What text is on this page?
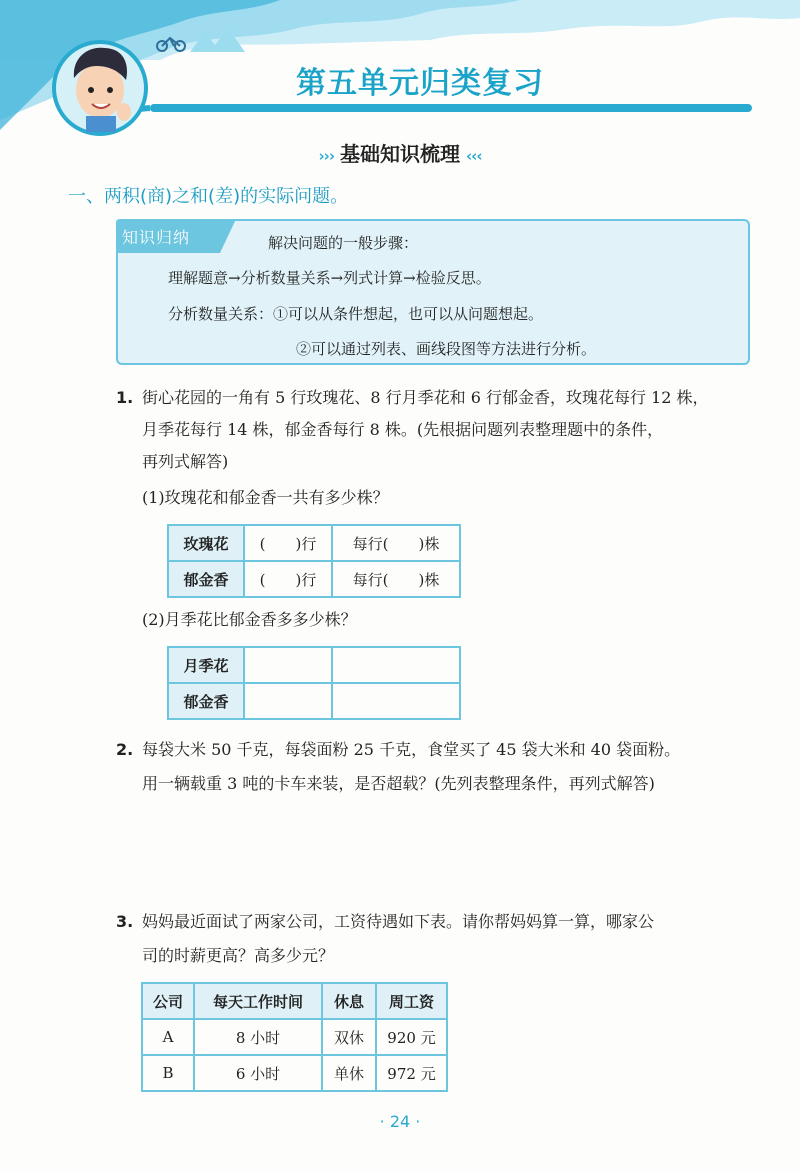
第五单元归类复习
››› 基础知识梳理 ‹‹‹
一、两积(商)之和(差)的实际问题。
知识归纳	解决问题的一般步骤：
理解题意→分析数量关系→列式计算→检验反思。
分析数量关系：①可以从条件想起，也可以从问题想起。
②可以通过列表、画线段图等方法进行分析。
1. 街心花园的一角有 5 行玫瑰花、8 行月季花和 6 行郁金香，玫瑰花每行 12 株，
月季花每行 14 株，郁金香每行 8 株。(先根据问题列表整理题中的条件，
再列式解答)
(1)玫瑰花和郁金香一共有多少株？
玫瑰花	(　　)行	每行(　　)株
郁金香	(　　)行	每行(　　)株
(2)月季花比郁金香多多少株？
月季花		
郁金香		
2. 每袋大米 50 千克，每袋面粉 25 千克，食堂买了 45 袋大米和 40 袋面粉。
用一辆载重 3 吨的卡车来装，是否超载？(先列表整理条件，再列式解答)
3. 妈妈最近面试了两家公司，工资待遇如下表。请你帮妈妈算一算，哪家公
司的时薪更高？高多少元？
公司	每天工作时间	休息	周工资
A	8 小时	双休	920 元
B	6 小时	单休	972 元
· 24 ·
